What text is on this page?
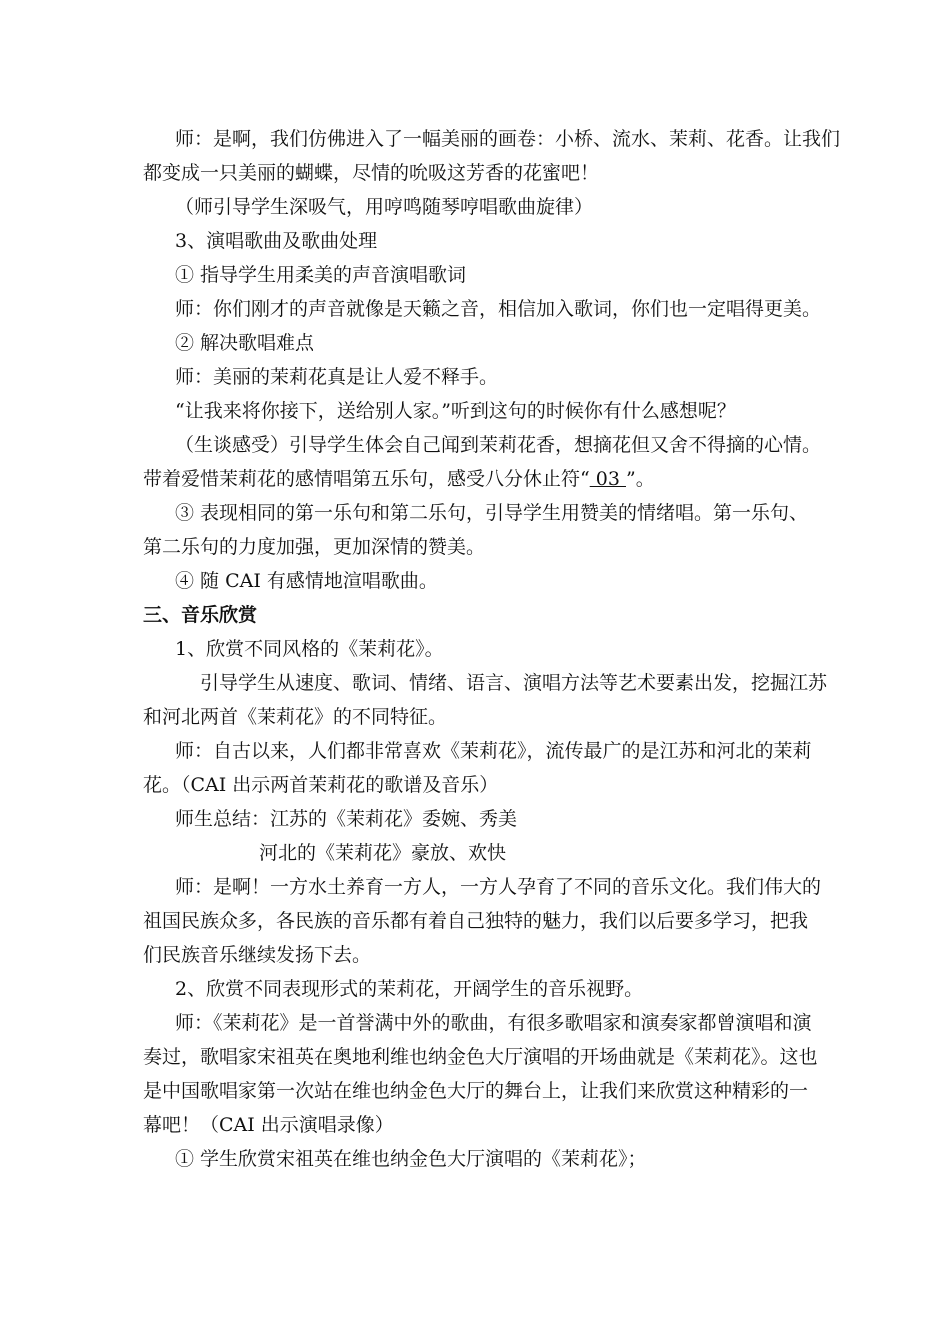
师：是啊，我们仿佛进入了一幅美丽的画卷：小桥、流水、茉莉、花香。让我们
都变成一只美丽的蝴蝶，尽情的吮吸这芳香的花蜜吧！
（师引导学生深吸气，用哼鸣随琴哼唱歌曲旋律）
3、演唱歌曲及歌曲处理
① 指导学生用柔美的声音演唱歌词
师：你们刚才的声音就像是天籁之音，相信加入歌词，你们也一定唱得更美。
② 解决歌唱难点
师：美丽的茉莉花真是让人爱不释手。
“让我来将你接下，送给别人家。”听到这句的时候你有什么感想呢？
（生谈感受）引导学生体会自己闻到茉莉花香，想摘花但又舍不得摘的心情。
带着爱惜茉莉花的感情唱第五乐句，感受八分休止符“ 03 ”。
③ 表现相同的第一乐句和第二乐句，引导学生用赞美的情绪唱。第一乐句、
第二乐句的力度加强，更加深情的赞美。
④ 随 CAI 有感情地渲唱歌曲。
三、音乐欣赏
1、欣赏不同风格的《茉莉花》。
引导学生从速度、歌词、情绪、语言、演唱方法等艺术要素出发，挖掘江苏
和河北两首《茉莉花》的不同特征。
师：自古以来，人们都非常喜欢《茉莉花》，流传最广的是江苏和河北的茉莉
花。（CAI 出示两首茉莉花的歌谱及音乐）
师生总结：江苏的《茉莉花》委婉、秀美
河北的《茉莉花》豪放、欢快
师：是啊！一方水土养育一方人，一方人孕育了不同的音乐文化。我们伟大的
祖国民族众多，各民族的音乐都有着自己独特的魅力，我们以后要多学习，把我
们民族音乐继续发扬下去。
2、欣赏不同表现形式的茉莉花，开阔学生的音乐视野。
师：《茉莉花》是一首誉满中外的歌曲，有很多歌唱家和演奏家都曾演唱和演
奏过，歌唱家宋祖英在奥地利维也纳金色大厅演唱的开场曲就是《茉莉花》。这也
是中国歌唱家第一次站在维也纳金色大厅的舞台上，让我们来欣赏这种精彩的一
幕吧！（CAI 出示演唱录像）
① 学生欣赏宋祖英在维也纳金色大厅演唱的《茉莉花》；
